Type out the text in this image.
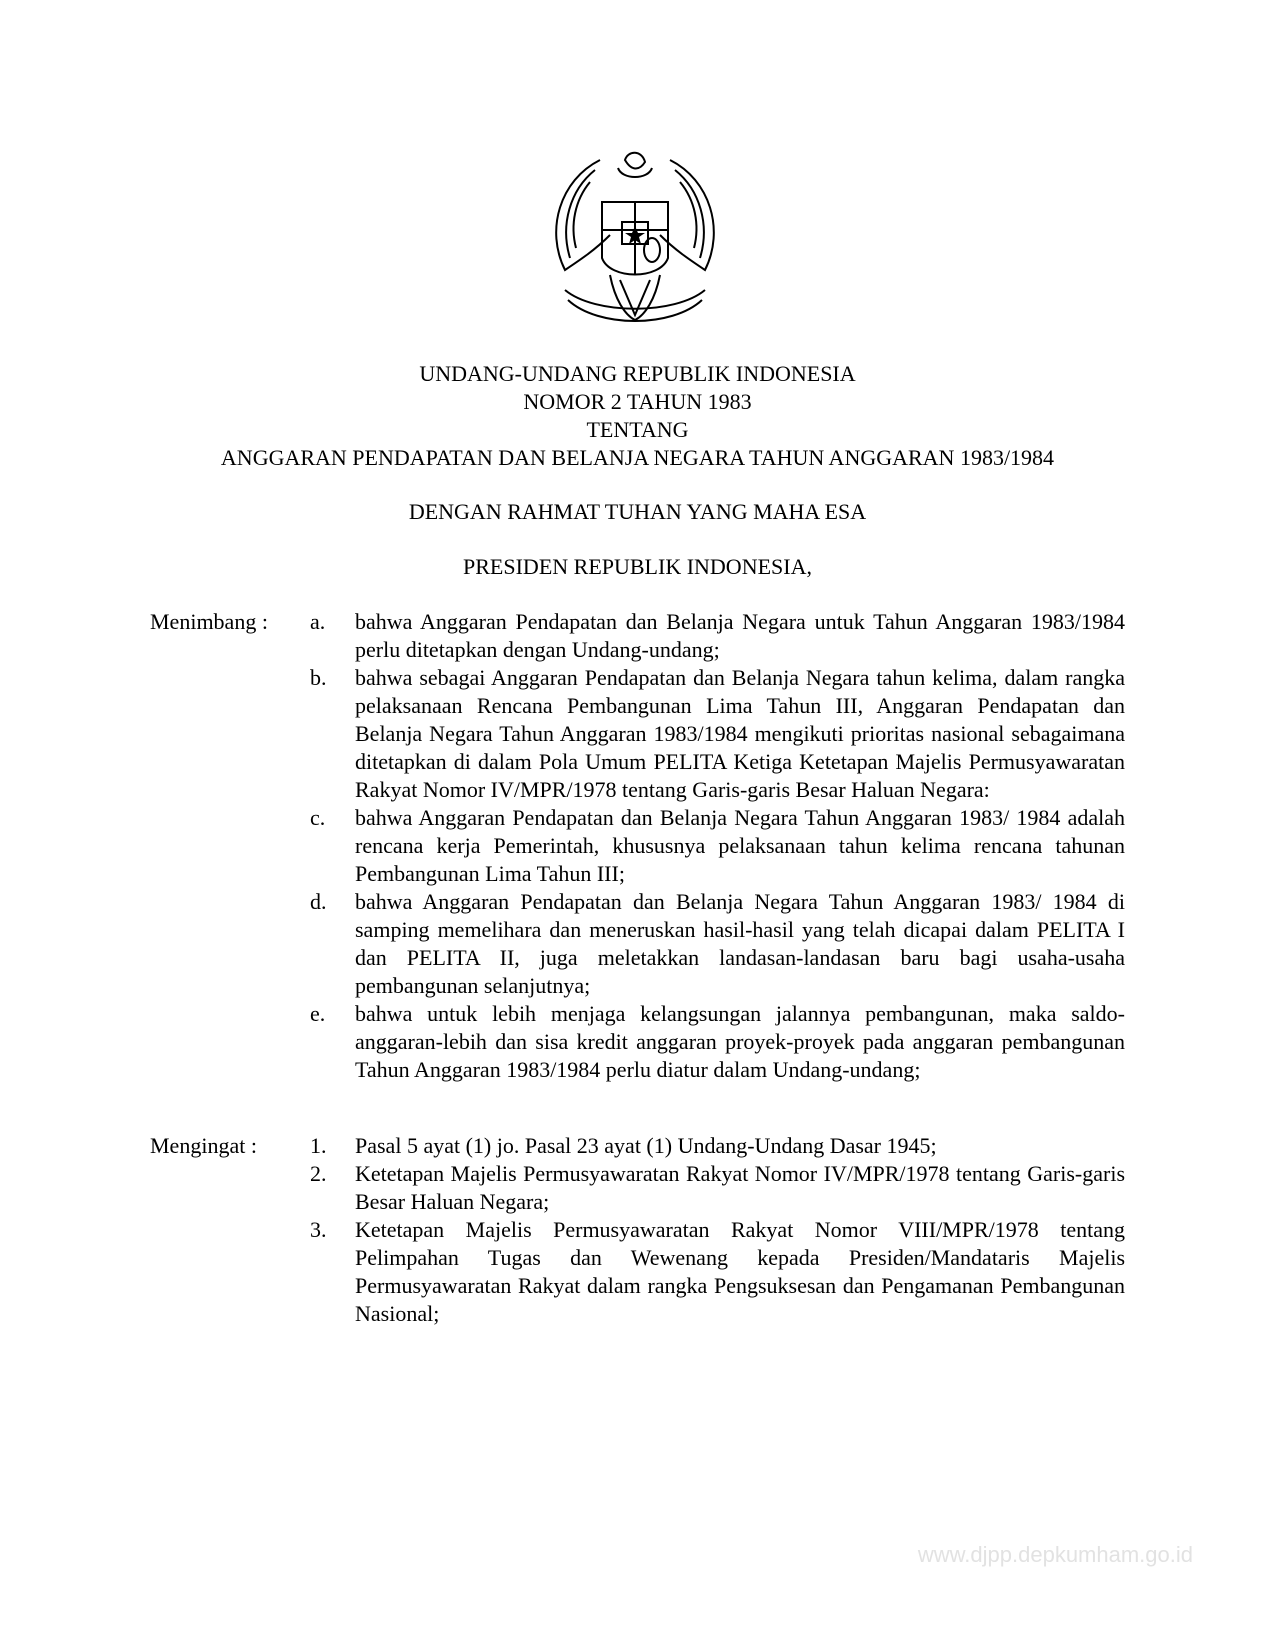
UNDANG-UNDANG REPUBLIK INDONESIA
NOMOR 2 TAHUN 1983
TENTANG
ANGGARAN PENDAPATAN DAN BELANJA NEGARA TAHUN ANGGARAN 1983/1984
DENGAN RAHMAT TUHAN YANG MAHA ESA
PRESIDEN REPUBLIK INDONESIA,
Menimbang :	a. bahwa Anggaran Pendapatan dan Belanja Negara untuk Tahun Anggaran 1983/1984 perlu ditetapkan dengan Undang-undang;
b. bahwa sebagai Anggaran Pendapatan dan Belanja Negara tahun kelima, dalam rangka pelaksanaan Rencana Pembangunan Lima Tahun III, Anggaran Pendapatan dan Belanja Negara Tahun Anggaran 1983/1984 mengikuti prioritas nasional sebagaimana ditetapkan di dalam Pola Umum PELITA Ketiga Ketetapan Majelis Permusyawaratan Rakyat Nomor IV/MPR/1978 tentang Garis-garis Besar Haluan Negara:
c. bahwa Anggaran Pendapatan dan Belanja Negara Tahun Anggaran 1983/ 1984 adalah rencana kerja Pemerintah, khususnya pelaksanaan tahun kelima rencana tahunan Pembangunan Lima Tahun III;
d. bahwa Anggaran Pendapatan dan Belanja Negara Tahun Anggaran 1983/ 1984 di samping memelihara dan meneruskan hasil-hasil yang telah dicapai dalam PELITA I dan PELITA II, juga meletakkan landasan-landasan baru bagi usaha-usaha pembangunan selanjutnya;
e. bahwa untuk lebih menjaga kelangsungan jalannya pembangunan, maka saldo-anggaran-lebih dan sisa kredit anggaran proyek-proyek pada anggaran pembangunan Tahun Anggaran 1983/1984 perlu diatur dalam Undang-undang;
Mengingat :	1. Pasal 5 ayat (1) jo. Pasal 23 ayat (1) Undang-Undang Dasar 1945;
2. Ketetapan Majelis Permusyawaratan Rakyat Nomor IV/MPR/1978 tentang Garis-garis Besar Haluan Negara;
3. Ketetapan Majelis Permusyawaratan Rakyat Nomor VIII/MPR/1978 tentang Pelimpahan Tugas dan Wewenang kepada Presiden/Mandataris Majelis Permusyawaratan Rakyat dalam rangka Pengsuksesan dan Pengamanan Pembangunan Nasional;
www.djpp.depkumham.go.id
